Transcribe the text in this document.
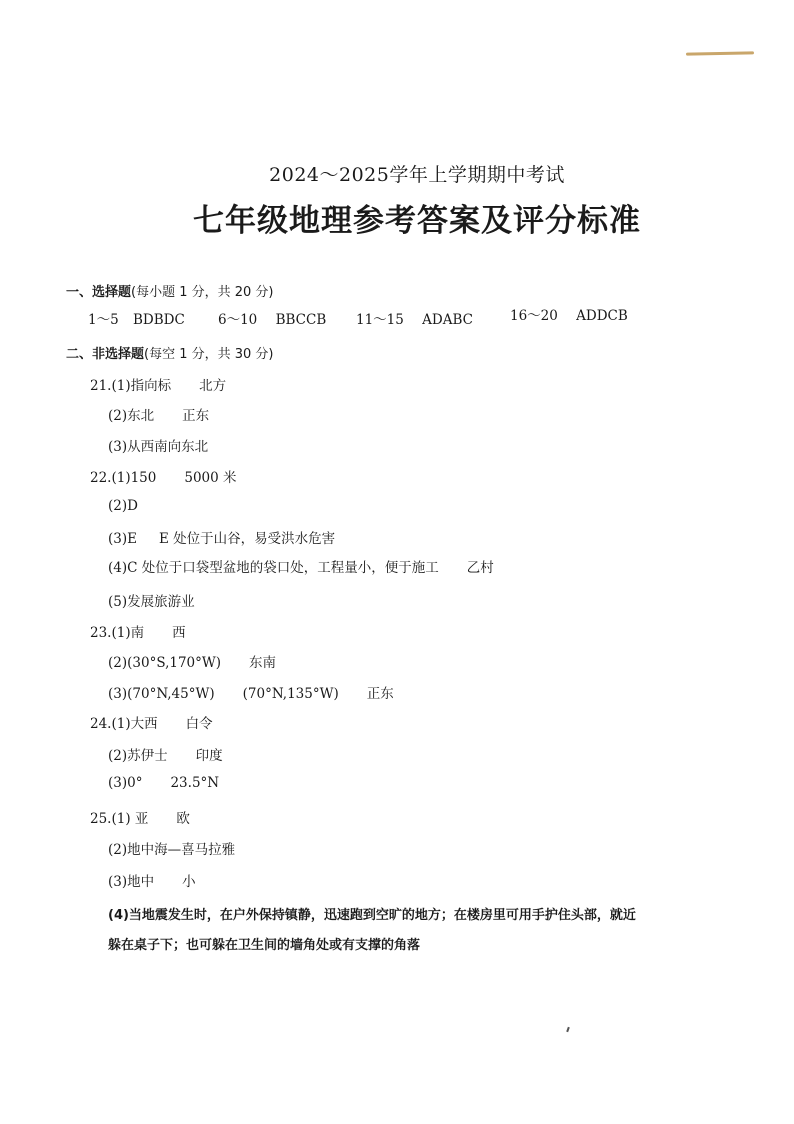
2024～2025学年上学期期中考试
七年级地理参考答案及评分标准
一、选择题(每小题 1 分，共 20 分)
1～5 BDBDC 6～10 BBCCB 11～15 ADABC	16～20 ADDCB
二、非选择题(每空 1 分，共 30 分)
21.(1)指向标 北方
(2)东北 正东
(3)从西南向东北
22.(1)150 5000 米
(2)D
(3)E E 处位于山谷，易受洪水危害
(4)C 处位于口袋型盆地的袋口处，工程量小，便于施工 乙村
(5)发展旅游业
23.(1)南 西
(2)(30°S,170°W) 东南
(3)(70°N,45°W) (70°N,135°W) 正东
24.(1)大西 白令
(2)苏伊士 印度
(3)0° 23.5°N
25.(1) 亚 欧
(2)地中海—喜马拉雅
(3)地中 小
(4)当地震发生时，在户外保持镇静，迅速跑到空旷的地方；在楼房里可用手护住头部，就近
躲在桌子下；也可躲在卫生间的墙角处或有支撑的角落
